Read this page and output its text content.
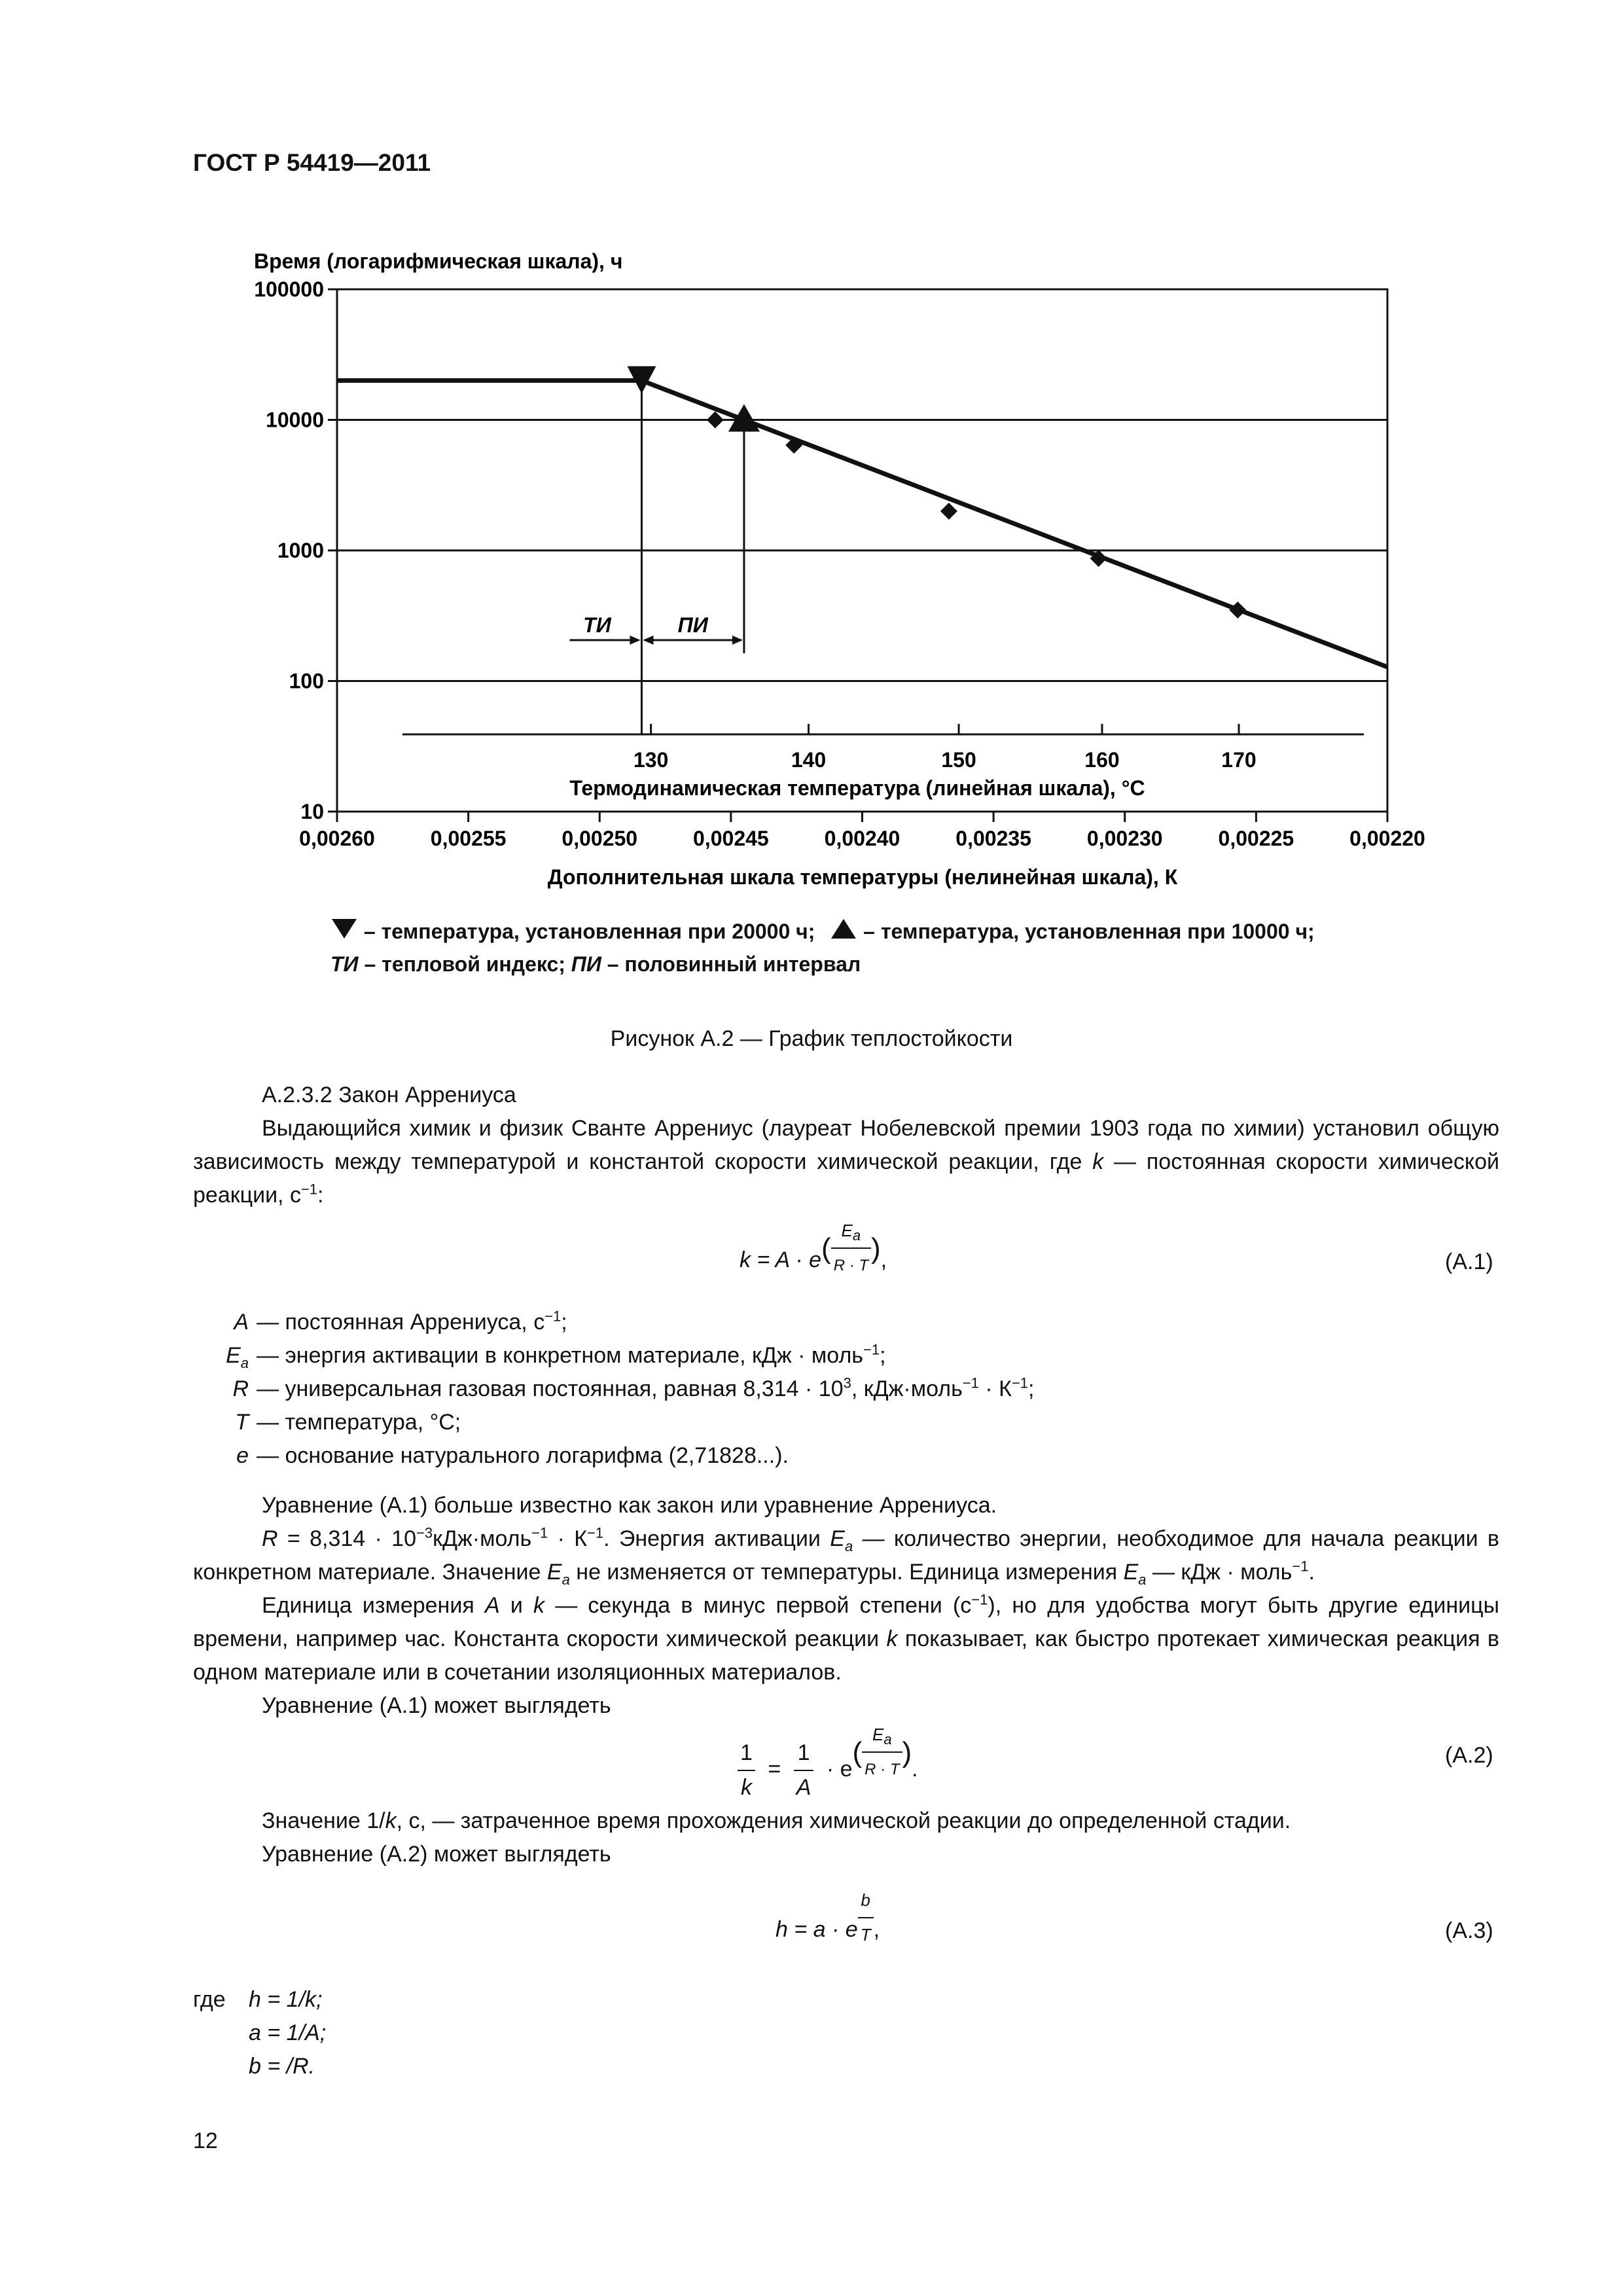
ГОСТ Р 54419—2011
Время (логарифмическая шкала), ч
100000
10000
1000
100
10
0,00260	0,00255	0,00250	0,00245	0,00240	0,00235	0,00230	0,00225	0,00220
Дополнительная шкала температуры (нелинейная шкала), К
130	140	150	160	170
Термодинамическая температура (линейная шкала), °C
ТИ	ПИ
– температура, установленная при 20000 ч; – температура, установленная при 10000 ч;
ТИ – тепловой индекс; ПИ – половинный интервал
Рисунок А.2 — График теплостойкости
А.2.3.2 Закон Аррениуса
Выдающийся химик и физик Сванте Аррениус (лауреат Нобелевской премии 1903 года по химии) установил общую зависимость между температурой и константой скорости химической реакции, где k — постоянная скорости химической реакции, $с^{-1}$:
$k = A \cdot e( \frac{E_a}{R \cdot T}$ ),	(А.1)
A — постоянная Аррениуса, $с^{-1}$;
$E_a$ — энергия активации в конкретном материале, кДж · моль$^{-1}$;
R — универсальная газовая постоянная, равная $8,314 \cdot 10^3$, кДж·моль$^{-1}$ · $К^{-1}$;
T — температура, °С;
e — основание натурального логарифма (2,71828...).
Уравнение (А.1) больше известно как закон или уравнение Аррениуса.
$R = 8,314 \cdot 10^{-3}кДж\cdot моль^{-1} \cdot К^{-1}$. Энергия активации $E_a$ — количество энергии, необходимое для начала реакции в конкретном материале. Значение $E_a$ не изменяется от температуры. Единица измерения $E_a$ — кДж · моль$^{-1}$.
Единица измерения A и k — секунда в минус первой степени $(с^{-1})$, но для удобства могут быть другие единицы времени, например час. Константа скорости химической реакции k показывает, как быстро протекает химическая реакция в одном материале или в сочетании изоляционных материалов.
Уравнение (А.1) может выглядеть
$\frac{1}{k} = \frac{1}{A} \cdot e( \frac{E_a}{R \cdot T}$ ).
(А.2)
Значение 1/k, с, — затраченное время прохождения химической реакции до определенной стадии.
Уравнение (А.2) может выглядеть
h = a · e $\frac{b}{T}$ ,	(А.3)
где h = 1/k;
a = 1/A;
b = /R.
12
